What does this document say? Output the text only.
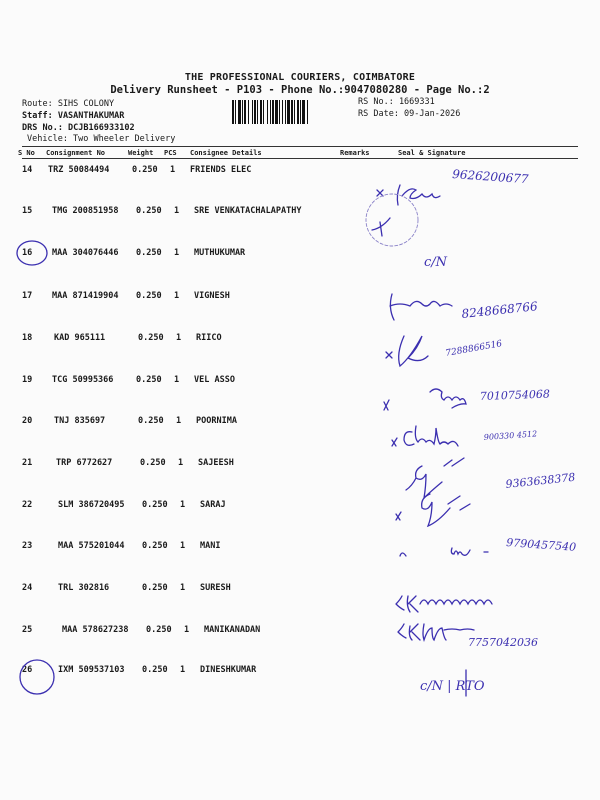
THE PROFESSIONAL COURIERS, COIMBATORE
Delivery Runsheet - P103 - Phone No.:9047080280 - Page No.:2
Route: SIHS COLONY
Staff: VASANTHAKUMAR
DRS No.: DCJB166933102
Vehicle: Two Wheeler Delivery
RS No.: 1669331
RS Date: 09-Jan-2026
S No Consignment No	Weight PCS Consignee Details	Remarks	Seal & Signature
14 TRZ 50084494	0.250 1 FRIENDS ELEC
15 TMG 200851958 0.250 1 SRE VENKATACHALAPATHY
16 MAA 304076446 0.250 1 MUTHUKUMAR
17 MAA 871419904 0.250 1 VIGNESH
18	KAD 965111	0.250 1 RIICO
19 TCG 50995366	0.250 1 VEL ASSO
20	TNJ 835697	0.250 1 POORNIMA
21	TRP 6772627	0.250 1 SAJEESH
22	SLM 386720495 0.250 1 SARAJ
23	MAA 575201044 0.250 1 MANI
24	TRL 302816	0.250 1 SURESH
25	MAA 578627238 0.250 1 MANIKANADAN
26	IXM 509537103 0.250 1 DINESHKUMAR
9626200677
c/N
8248668766
7288866516
7010754068
900330 4512
9363638378
9790457540
7757042036
c/N | RTO
